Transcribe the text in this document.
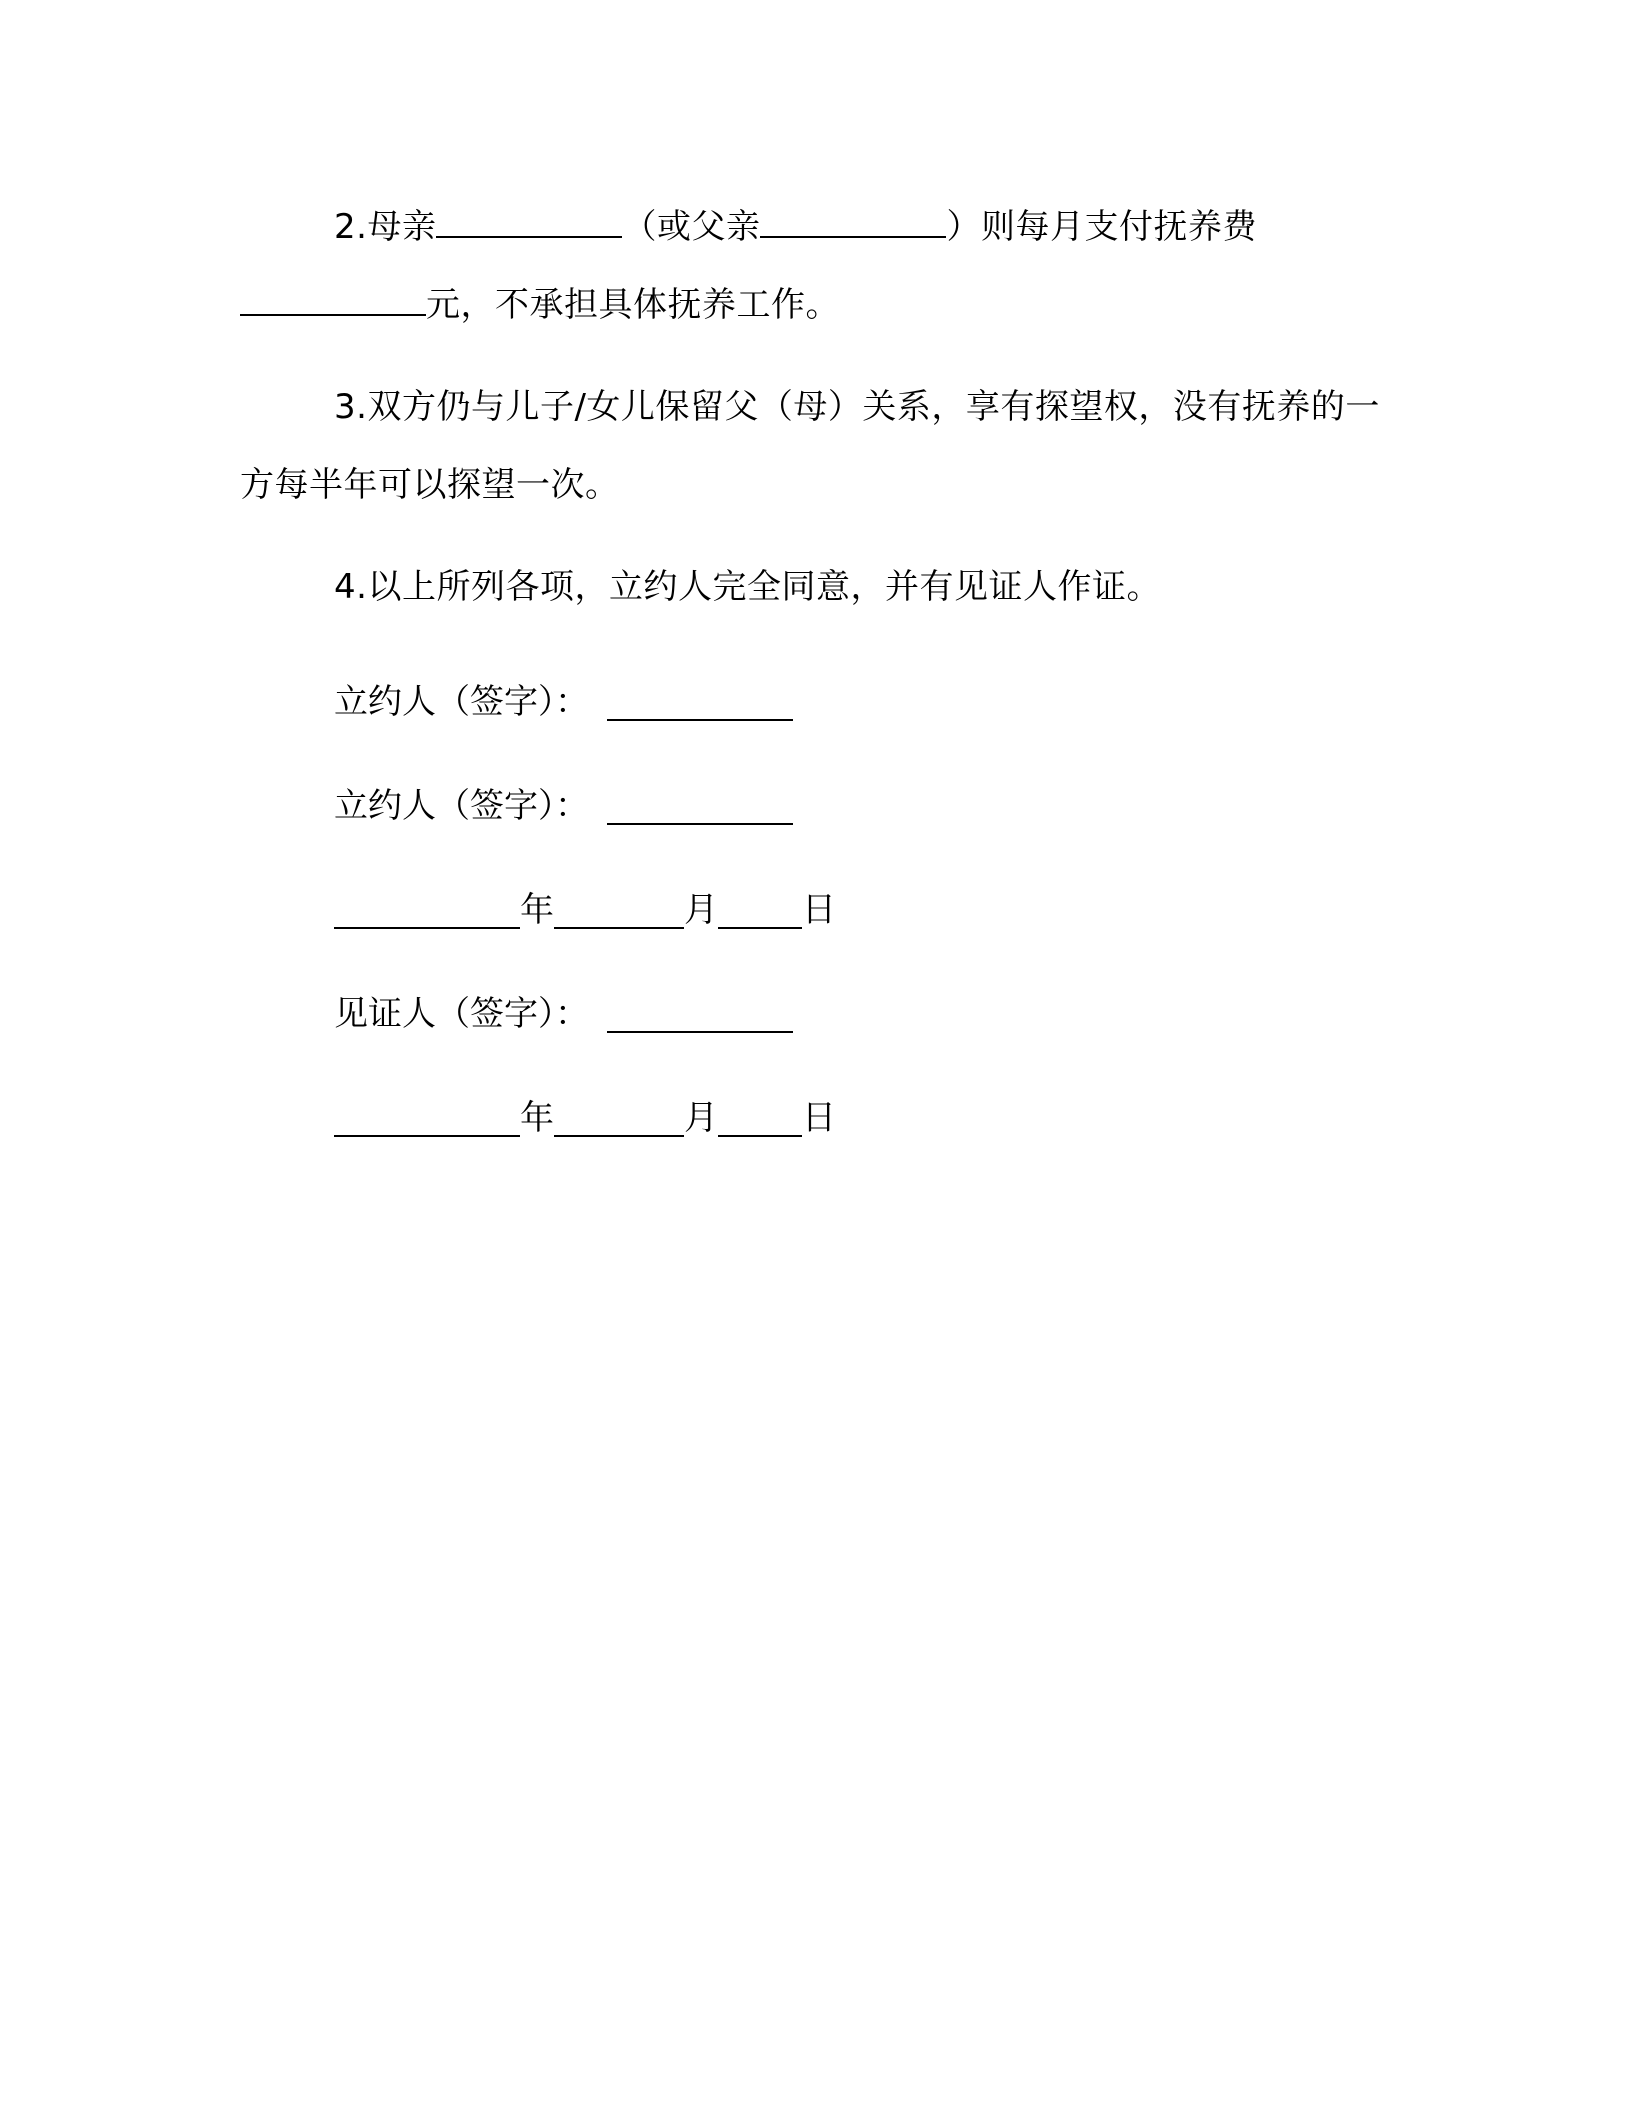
2.母亲	（或父亲	）则每月支付抚养费元，不承担具体抚养工作。

3.双方仍与儿子/女儿保留父（母）关系，享有探望权，没有抚养的一方每半年可以探望一次。

4.以上所列各项，立约人完全同意，并有见证人作证。

立约人（签字）：
立约人（签字）：
年	月 日
见证人（签字）：
年	月 日
